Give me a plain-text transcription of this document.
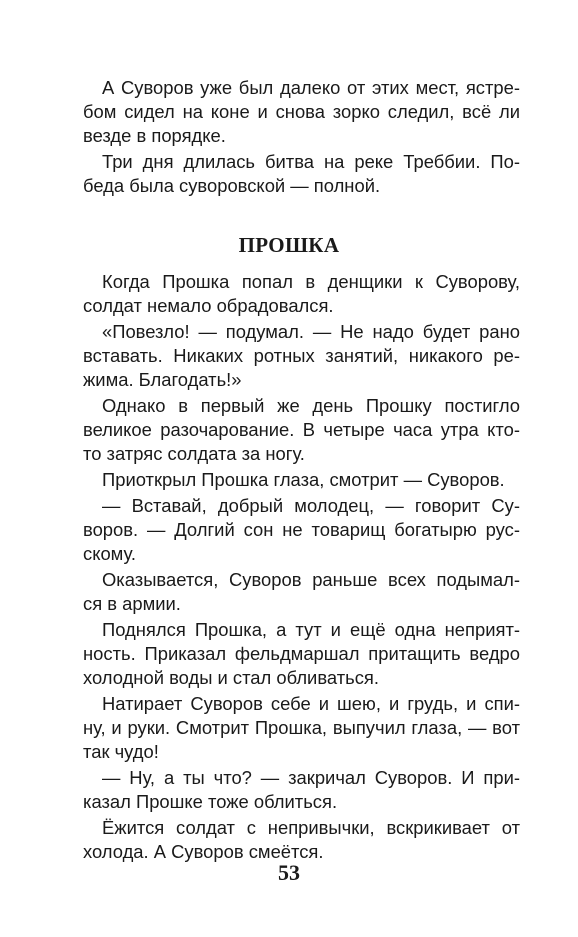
А Суворов уже был далеко от этих мест, ястре-
бом сидел на коне и снова зорко следил, всё ли
везде в порядке.

Три дня длилась битва на реке Треббии. По-
беда была суворовской — полной.

ПРОШКА

Когда Прошка попал в денщики к Суворову,
солдат немало обрадовался.

«Повезло! — подумал. — Не надо будет рано
вставать. Никаких ротных занятий, никакого ре-
жима. Благодать!»

Однако в первый же день Прошку постигло
великое разочарование. В четыре часа утра кто-
то затряс солдата за ногу.

Приоткрыл Прошка глаза, смотрит — Суворов.

— Вставай, добрый молодец, — говорит Су-
воров. — Долгий сон не товарищ богатырю рус-
скому.

Оказывается, Суворов раньше всех подымал-
ся в армии.

Поднялся Прошка, а тут и ещё одна неприят-
ность. Приказал фельдмаршал притащить ведро
холодной воды и стал обливаться.

Натирает Суворов себе и шею, и грудь, и спи-
ну, и руки. Смотрит Прошка, выпучил глаза, — вот
так чудо!

— Ну, а ты что? — закричал Суворов. И при-
казал Прошке тоже облиться.

Ёжится солдат с непривычки, вскрикивает от
холода. А Суворов смеётся.

53
